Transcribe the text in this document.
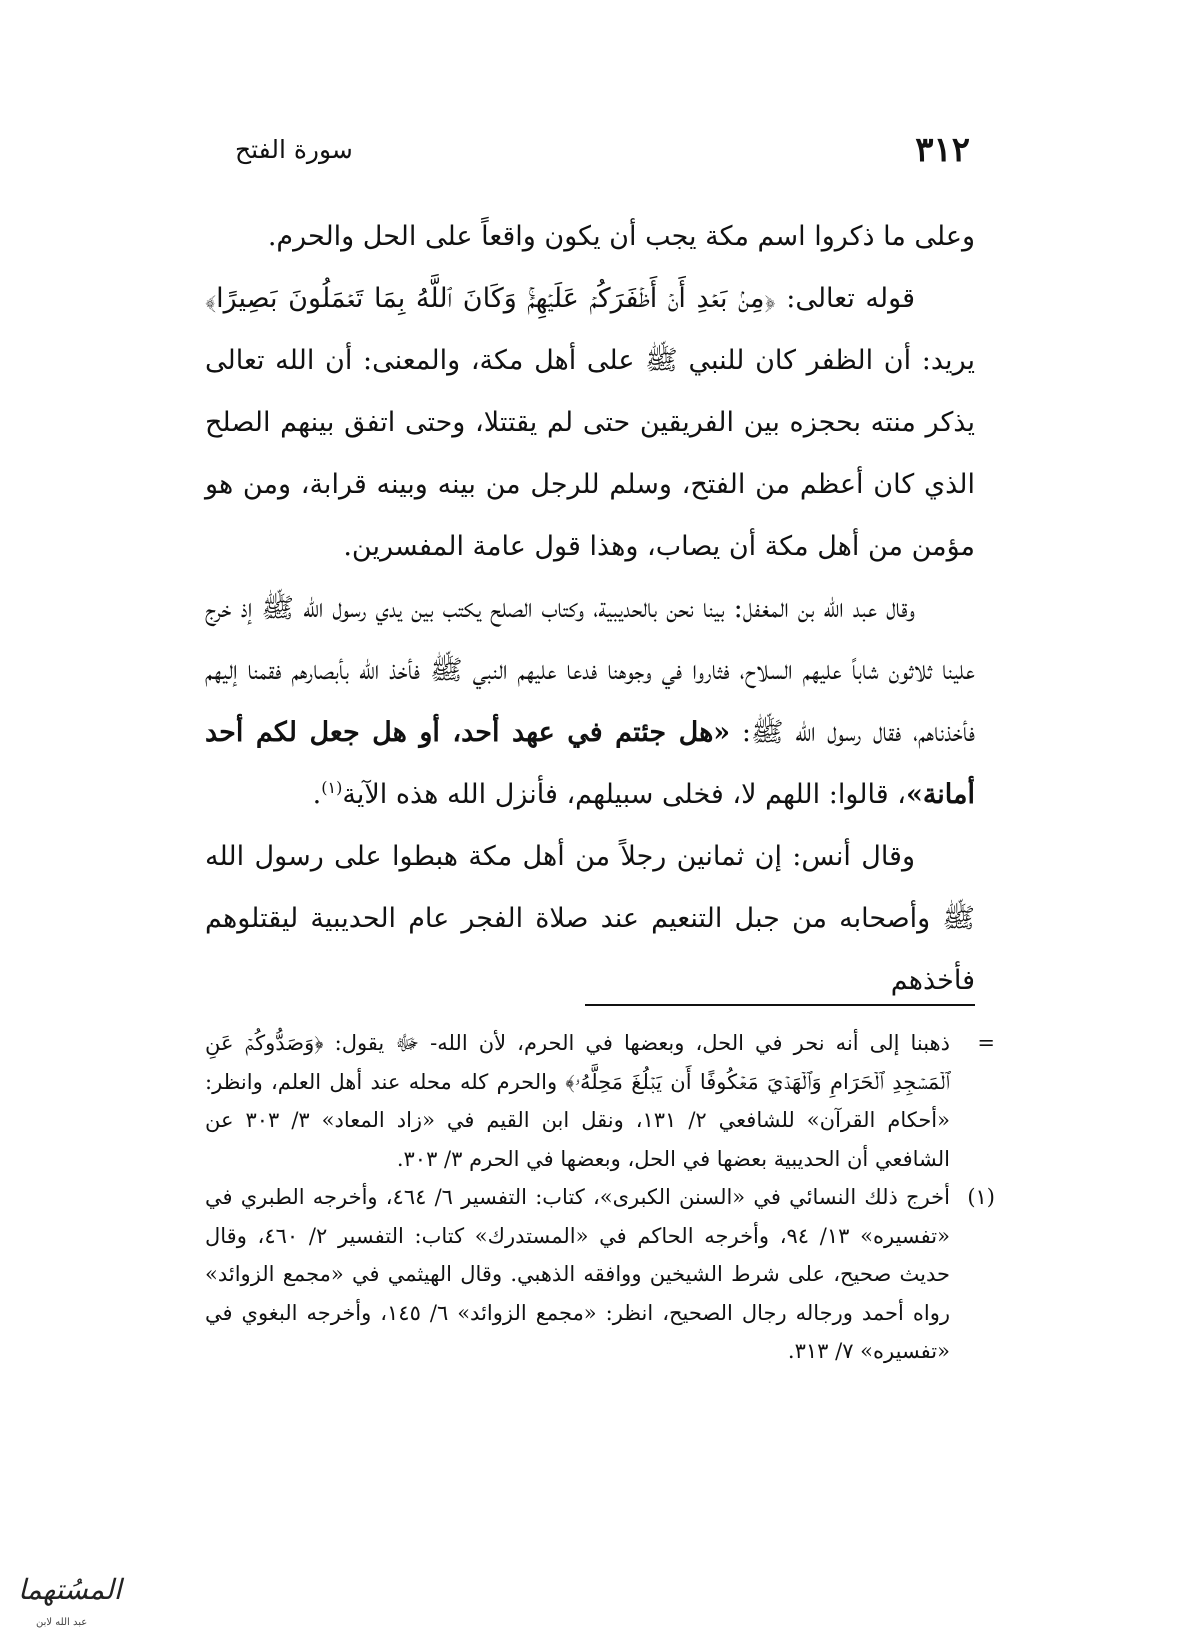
٣١٢
سورة الفتح

وعلى ما ذكروا اسم مكة يجب أن يكون واقعاً على الحل والحرم.

قوله تعالى: ﴿مِنۢ بَعۡدِ أَنۡ أَظۡفَرَكُمۡ عَلَيۡهِمۡۚ وَكَانَ ٱللَّهُ بِمَا تَعۡمَلُونَ بَصِيرًا﴾ يريد: أن الظفر كان للنبي ﷺ على أهل مكة، والمعنى: أن الله تعالى يذكر منته بحجزه بين الفريقين حتى لم يقتتلا، وحتى اتفق بينهم الصلح الذي كان أعظم من الفتح، وسلم للرجل من بينه وبينه قرابة، ومن هو مؤمن من أهل مكة أن يصاب، وهذا قول عامة المفسرين.

وقال عبد الله بن المغفل: بينا نحن بالحديبية، وكتاب الصلح يكتب بين يدي رسول الله ﷺ إذ خرج علينا ثلاثون شاباً عليهم السلاح، فثاروا في وجوهنا فدعا عليهم النبي ﷺ فأخذ الله بأبصارهم فقمنا إليهم فأخذناهم، فقال رسول الله ﷺ: «هل جئتم في عهد أحد، أو هل جعل لكم أحد أمانة»، قالوا: اللهم لا، فخلى سبيلهم، فأنزل الله هذه الآية$^{(١)}$.

وقال أنس: إن ثمانين رجلاً من أهل مكة هبطوا على رسول الله ﷺ وأصحابه من جبل التنعيم عند صلاة الفجر عام الحديبية ليقتلوهم فأخذهم

=
ذهبنا إلى أنه نحر في الحل، وبعضها في الحرم، لأن الله- ﷻ يقول: ﴿وَصَدُّوكُمۡ عَنِ ٱلۡمَسۡجِدِ ٱلۡحَرَامِ وَٱلۡهَدۡيَ مَعۡكُوفًا أَن يَبۡلُغَ مَحِلَّهُۥ﴾ والحرم كله محله عند أهل العلم، وانظر: «أحكام القرآن» للشافعي ٢/ ١٣١، ونقل ابن القيم في «زاد المعاد» ٣/ ٣٠٣ عن الشافعي أن الحديبية بعضها في الحل، وبعضها في الحرم ٣/ ٣٠٣.
(١)
أخرج ذلك النسائي في «السنن الكبرى»، كتاب: التفسير ٦/ ٤٦٤، وأخرجه الطبري في «تفسيره» ١٣/ ٩٤، وأخرجه الحاكم في «المستدرك» كتاب: التفسير ٢/ ٤٦٠، وقال حديث صحيح، على شرط الشيخين ووافقه الذهبي. وقال الهيثمي في «مجمع الزوائد» رواه أحمد ورجاله رجال الصحيح، انظر: «مجمع الزوائد» ٦/ ١٤٥، وأخرجه البغوي في «تفسيره» ٧/ ٣١٣.
المسُتهما
عبد الله لابن
